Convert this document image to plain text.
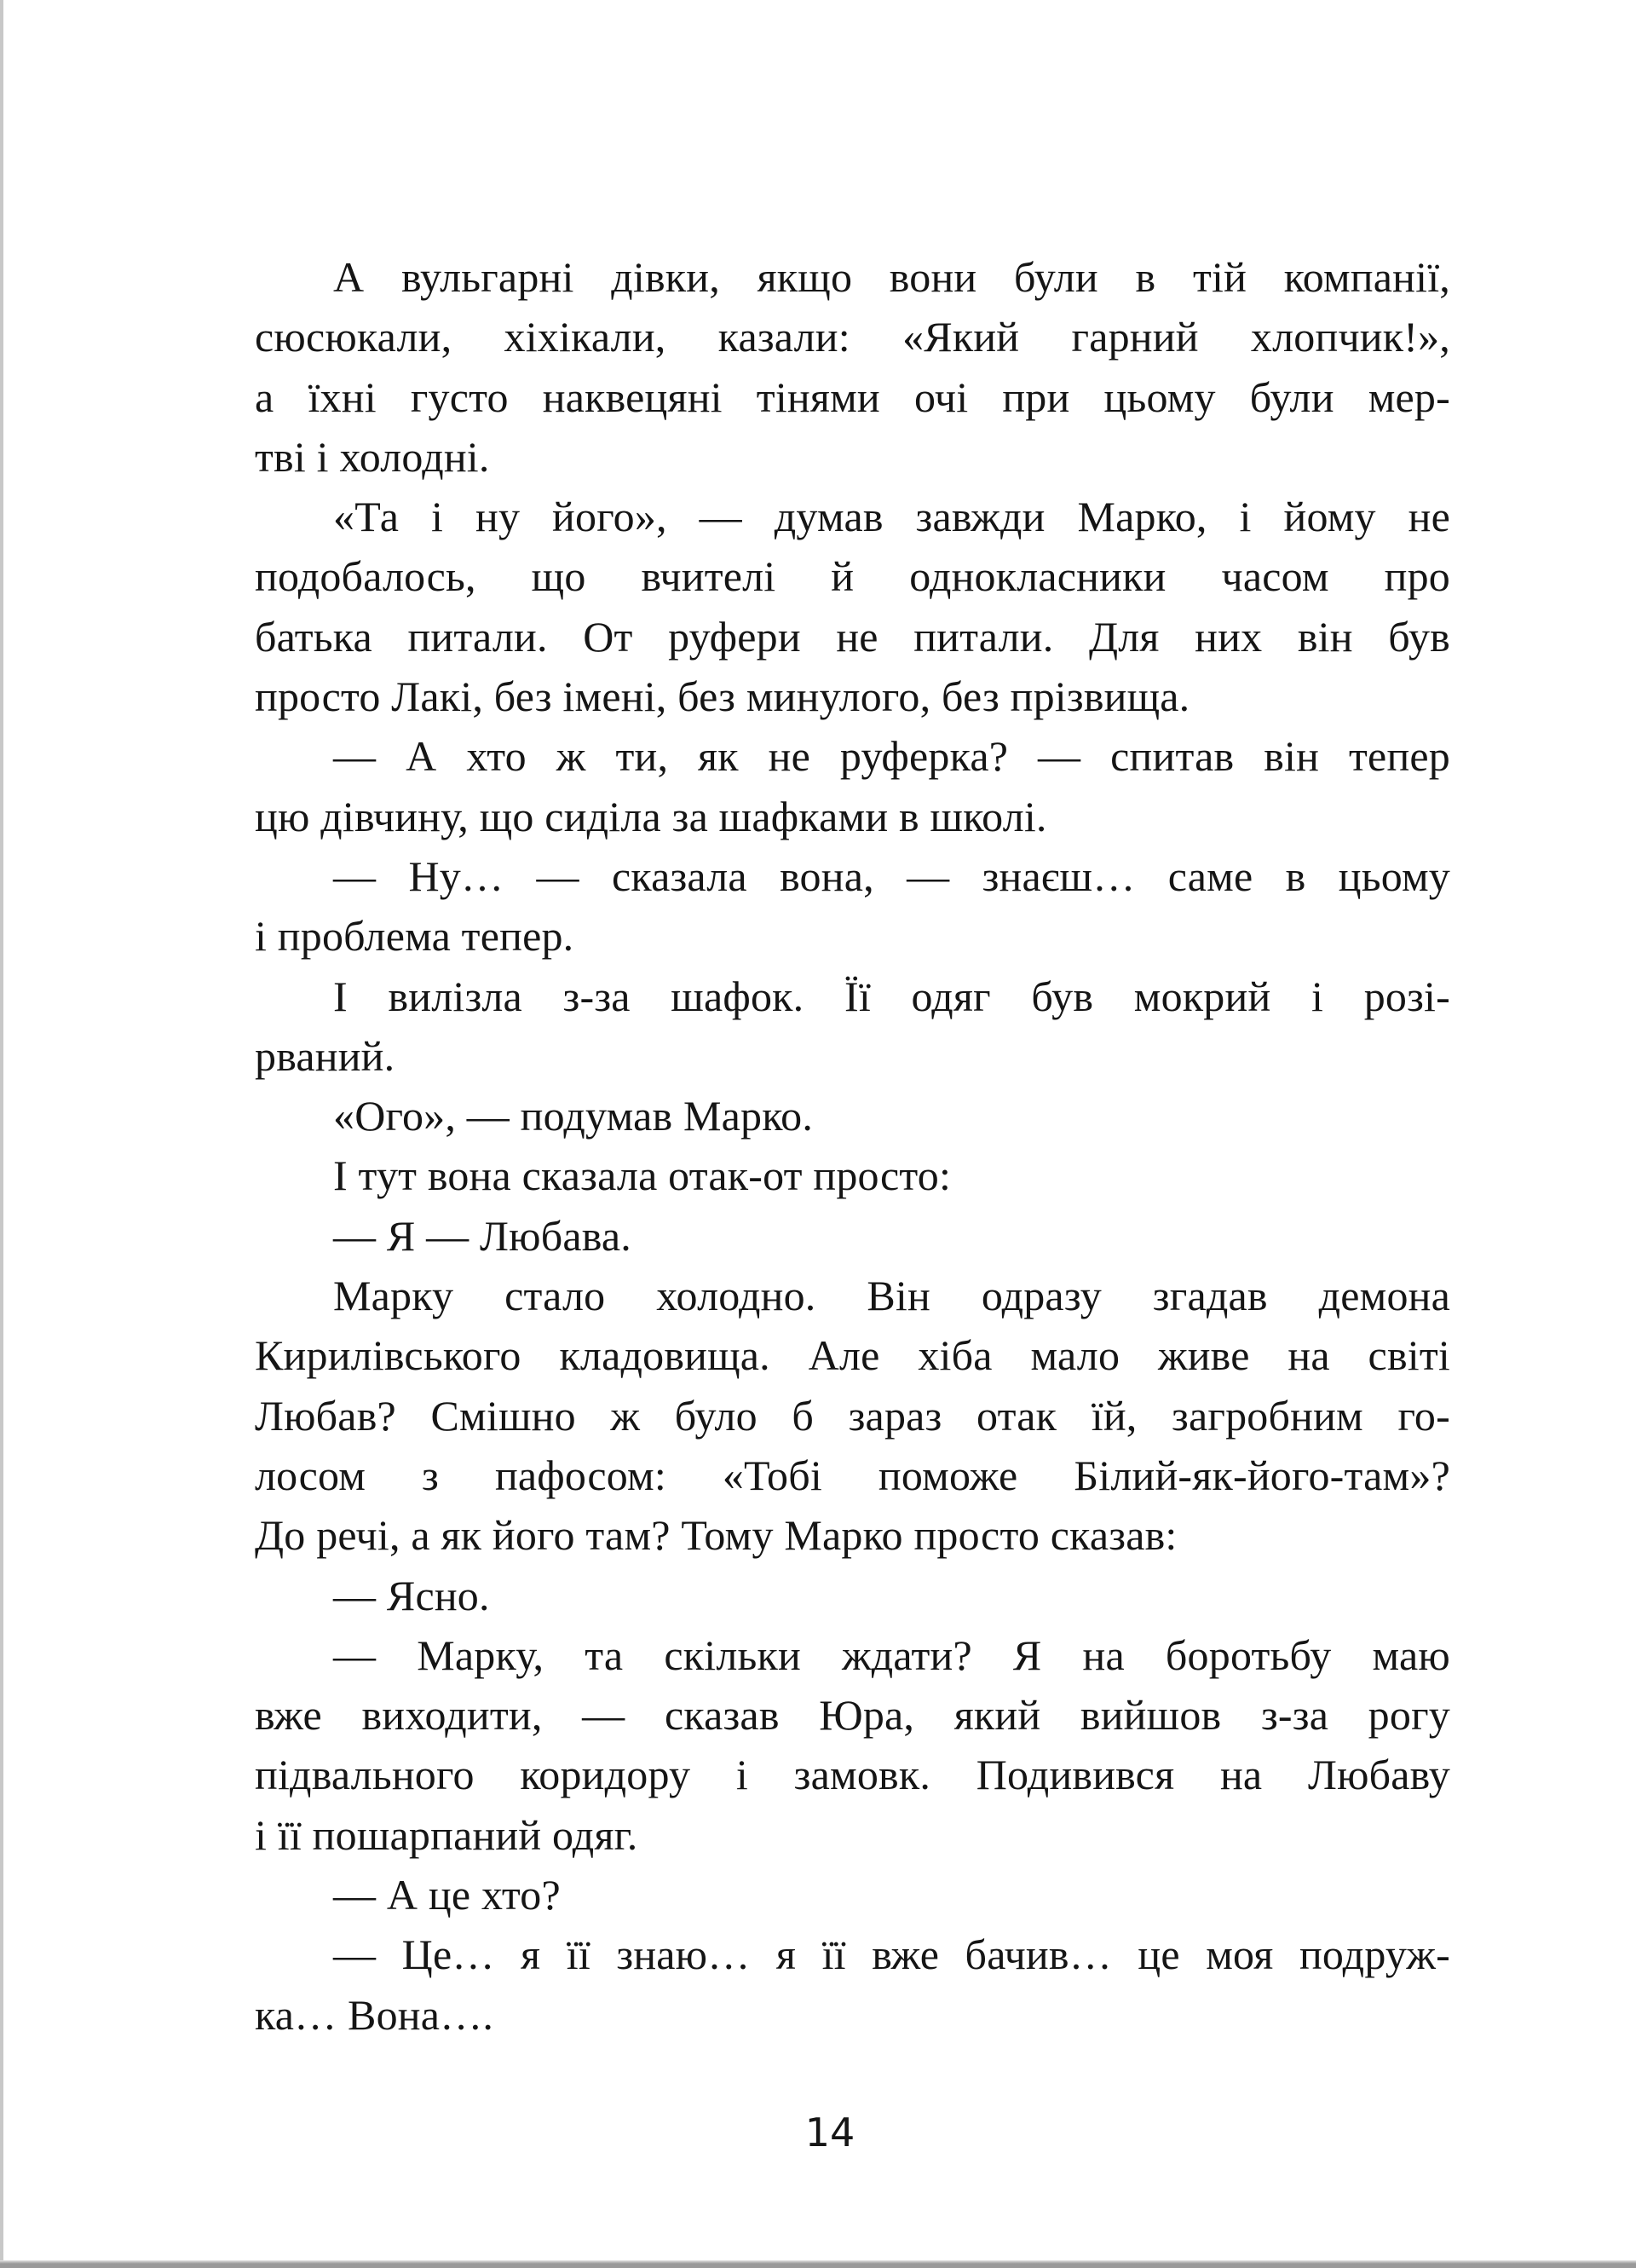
А вульгарні дівки, якщо вони були в тій компанії,
сюсюкали, хіхікали, казали: «Який гарний хлопчик!»,
а їхні густо наквецяні тінями очі при цьому були мер-
тві і холодні.
«Та і ну його», — думав завжди Марко, і йому не
подобалось, що вчителі й однокласники часом про
батька питали. От руфери не питали. Для них він був
просто Лакі, без імені, без минулого, без прізвища.
— А хто ж ти, як не руферка? — спитав він тепер
цю дівчину, що сиділа за шафками в школі.
— Ну… — сказала вона, — знаєш… саме в цьому
і проблема тепер.
І вилізла з-за шафок. Її одяг був мокрий і розі-
рваний.
«Ого», — подумав Марко.
І тут вона сказала отак-от просто:
— Я — Любава.
Марку стало холодно. Він одразу згадав демона
Кирилівського кладовища. Але хіба мало живе на світі
Любав? Смішно ж було б зараз отак їй, загробним го-
лосом з пафосом: «Тобі поможе Білий-як-його-там»?
До речі, а як його там? Тому Марко просто сказав:
— Ясно.
— Марку, та скільки ждати? Я на боротьбу маю
вже виходити, — сказав Юра, який вийшов з-за рогу
підвального коридору і замовк. Подивився на Любаву
і її пошарпаний одяг.
— А це хто?
— Це… я її знаю… я її вже бачив… це моя подруж-
ка… Вона….
14
